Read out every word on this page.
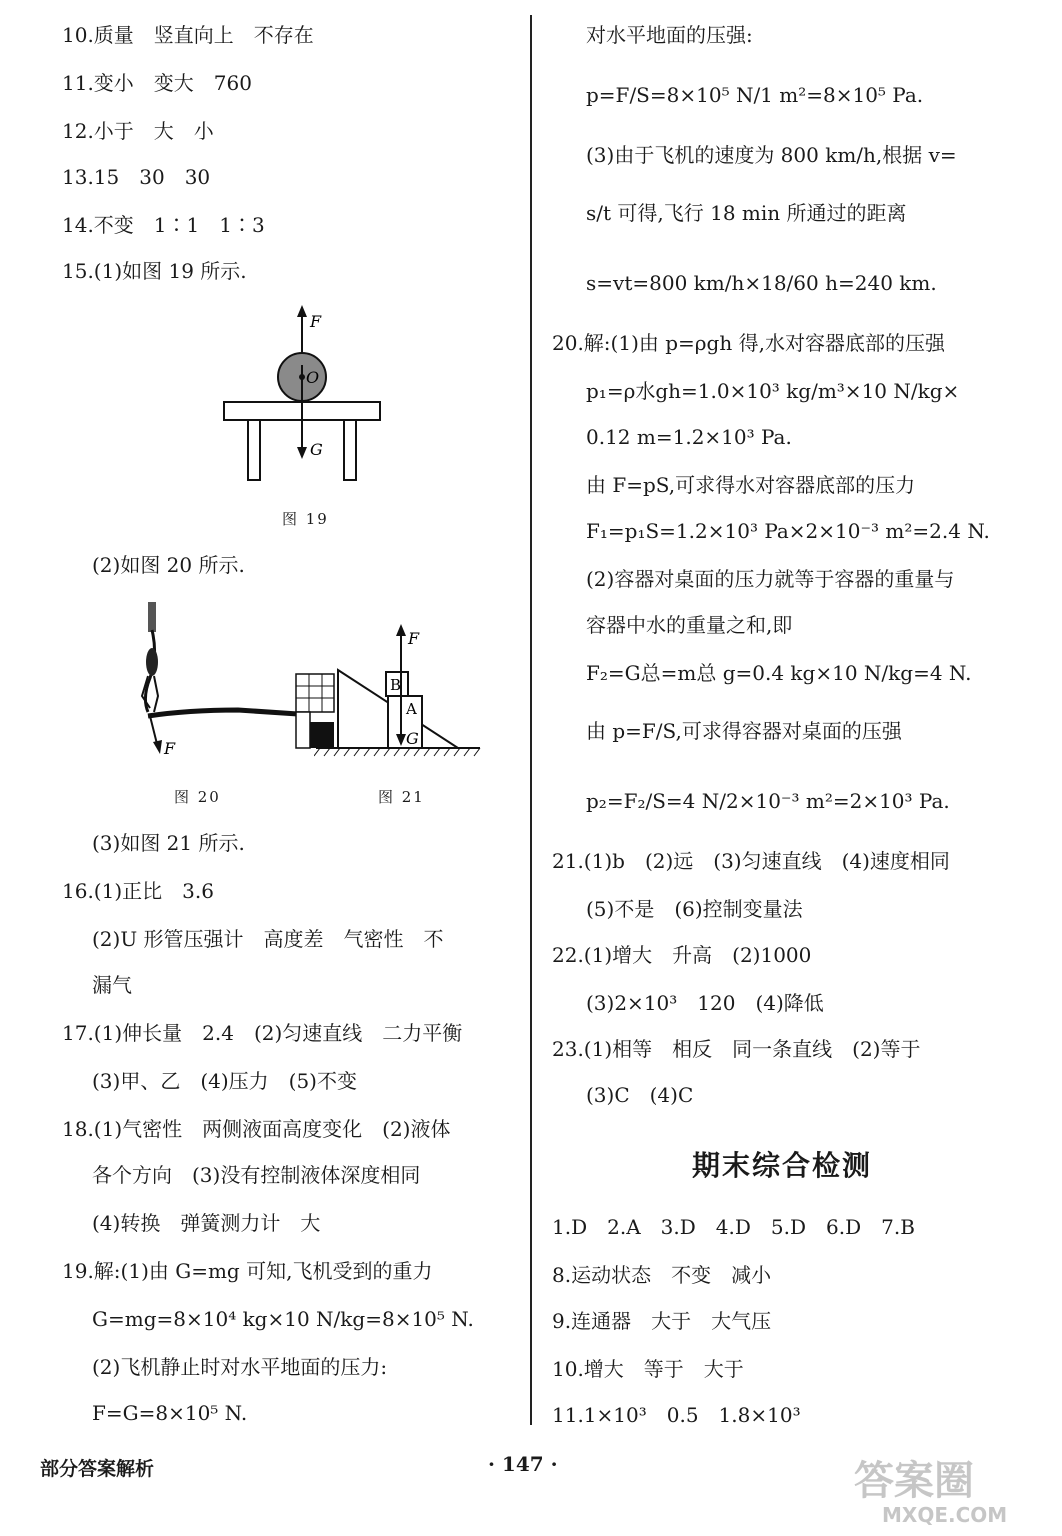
10.质量　竖直向上　不存在
11.变小　变大　760
12.小于　大　小
13.15　30　30
14.不变　1∶1　1∶3
15.(1)如图 19 所示.
F
O
G
图 19
(2)如图 20 所示.
F
图 20
F
B
A
G
图 21
(3)如图 21 所示.
16.(1)正比　3.6
(2)U 形管压强计　高度差　气密性　不
漏气
17.(1)伸长量　2.4　(2)匀速直线　二力平衡
(3)甲、乙　(4)压力　(5)不变
18.(1)气密性　两侧液面高度变化　(2)液体
各个方向　(3)没有控制液体深度相同
(4)转换　弹簧测力计　大
19.解:(1)由 G=mg 可知,飞机受到的重力
G=mg=8×10⁴ kg×10 N/kg=8×10⁵ N.
(2)飞机静止时对水平地面的压力:
F=G=8×10⁵ N.
对水平地面的压强:
p=F/S=8×10⁵ N/1 m²=8×10⁵ Pa.
(3)由于飞机的速度为 800 km/h,根据 v=
s/t 可得,飞行 18 min 所通过的距离
s=vt=800 km/h×18/60 h=240 km.
20.解:(1)由 p=ρgh 得,水对容器底部的压强
p₁=ρ水gh=1.0×10³ kg/m³×10 N/kg×
0.12 m=1.2×10³ Pa.
由 F=pS,可求得水对容器底部的压力
F₁=p₁S=1.2×10³ Pa×2×10⁻³ m²=2.4 N.
(2)容器对桌面的压力就等于容器的重量与
容器中水的重量之和,即
F₂=G总=m总 g=0.4 kg×10 N/kg=4 N.
由 p=F/S,可求得容器对桌面的压强
p₂=F₂/S=4 N/2×10⁻³ m²=2×10³ Pa.
21.(1)b　(2)远　(3)匀速直线　(4)速度相同
(5)不是　(6)控制变量法
22.(1)增大　升高　(2)1000
(3)2×10³　120　(4)降低
23.(1)相等　相反　同一条直线　(2)等于
(3)C　(4)C
期末综合检测
1.D　2.A　3.D　4.D　5.D　6.D　7.B
8.运动状态　不变　减小
9.连通器　大于　大气压
10.增大　等于　大于
11.1×10³　0.5　1.8×10³
部分答案解析	· 147 ·	答案圈
MXQE.COM
